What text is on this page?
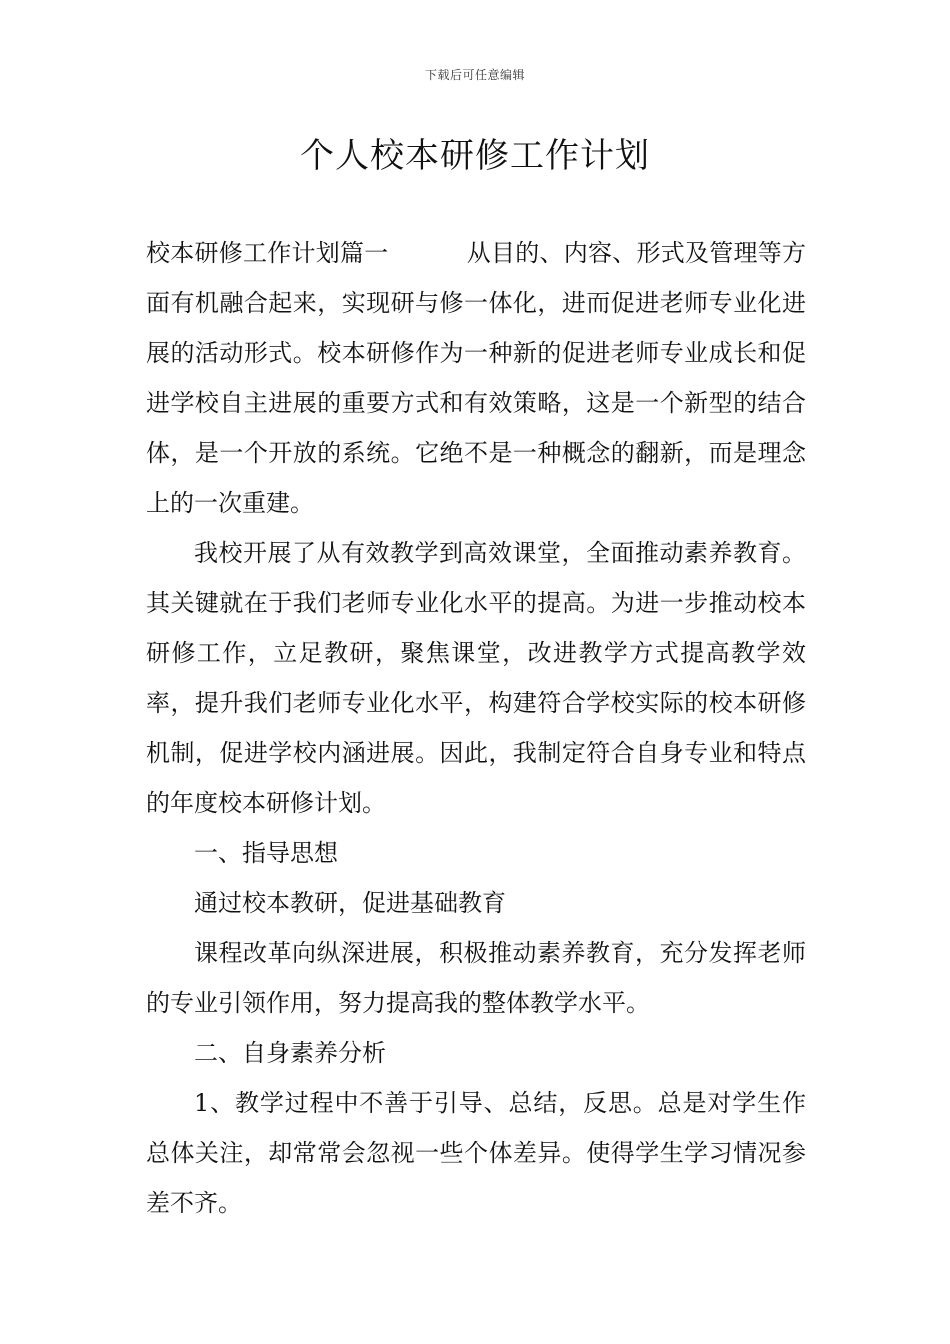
下载后可任意编辑
个人校本研修工作计划

校本研修工作计划篇一	从目的、内容、形式及管理等方面有机融合起来，实现研与修一体化，进而促进老师专业化进展的活动形式。校本研修作为一种新的促进老师专业成长和促进学校自主进展的重要方式和有效策略，这是一个新型的结合体，是一个开放的系统。它绝不是一种概念的翻新，而是理念上的一次重建。

我校开展了从有效教学到高效课堂，全面推动素养教育。其关键就在于我们老师专业化水平的提高。为进一步推动校本研修工作，立足教研，聚焦课堂，改进教学方式提高教学效率，提升我们老师专业化水平，构建符合学校实际的校本研修机制，促进学校内涵进展。因此，我制定符合自身专业和特点的年度校本研修计划。

一、指导思想

通过校本教研，促进基础教育

课程改革向纵深进展，积极推动素养教育，充分发挥老师的专业引领作用，努力提高我的整体教学水平。

二、自身素养分析

1、教学过程中不善于引导、总结，反思。总是对学生作总体关注，却常常会忽视一些个体差异。使得学生学习情况参差不齐。
